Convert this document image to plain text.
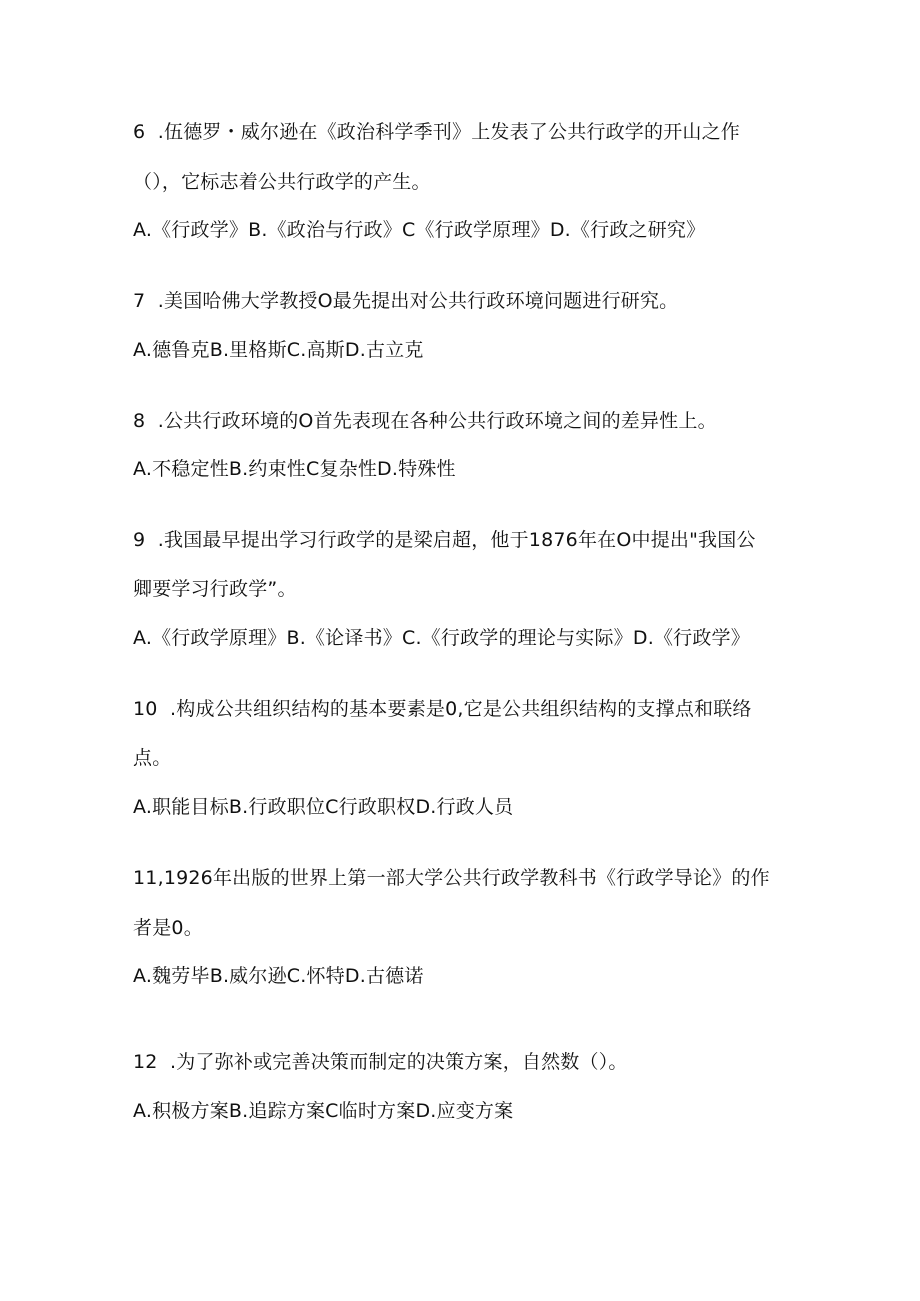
6  .伍德罗・威尔逊在《政治科学季刊》上发表了公共行政学的开山之作
（），它标志着公共行政学的产生。
A.《行政学》B.《政治与行政》C《行政学原理》D.《行政之研究》
7  .美国哈佛大学教授O最先提出对公共行政环境问题进行研究。
A.德鲁克B.里格斯C.高斯D.古立克
8  .公共行政环境的O首先表现在各种公共行政环境之间的差异性上。
A.不稳定性B.约束性C复杂性D.特殊性
9  .我国最早提出学习行政学的是梁启超，他于1876年在O中提出"我国公
卿要学习行政学”。
A.《行政学原理》B.《论译书》C.《行政学的理论与实际》D.《行政学》
10  .构成公共组织结构的基本要素是0,它是公共组织结构的支撑点和联络
点。
A.职能目标B.行政职位C行政职权D.行政人员
11,1926年出版的世界上第一部大学公共行政学教科书《行政学导论》的作
者是0。
A.魏劳毕B.威尔逊C.怀特D.古德诺
12  .为了弥补或完善决策而制定的决策方案，自然数（）。
A.积极方案B.追踪方案C临时方案D.应变方案
